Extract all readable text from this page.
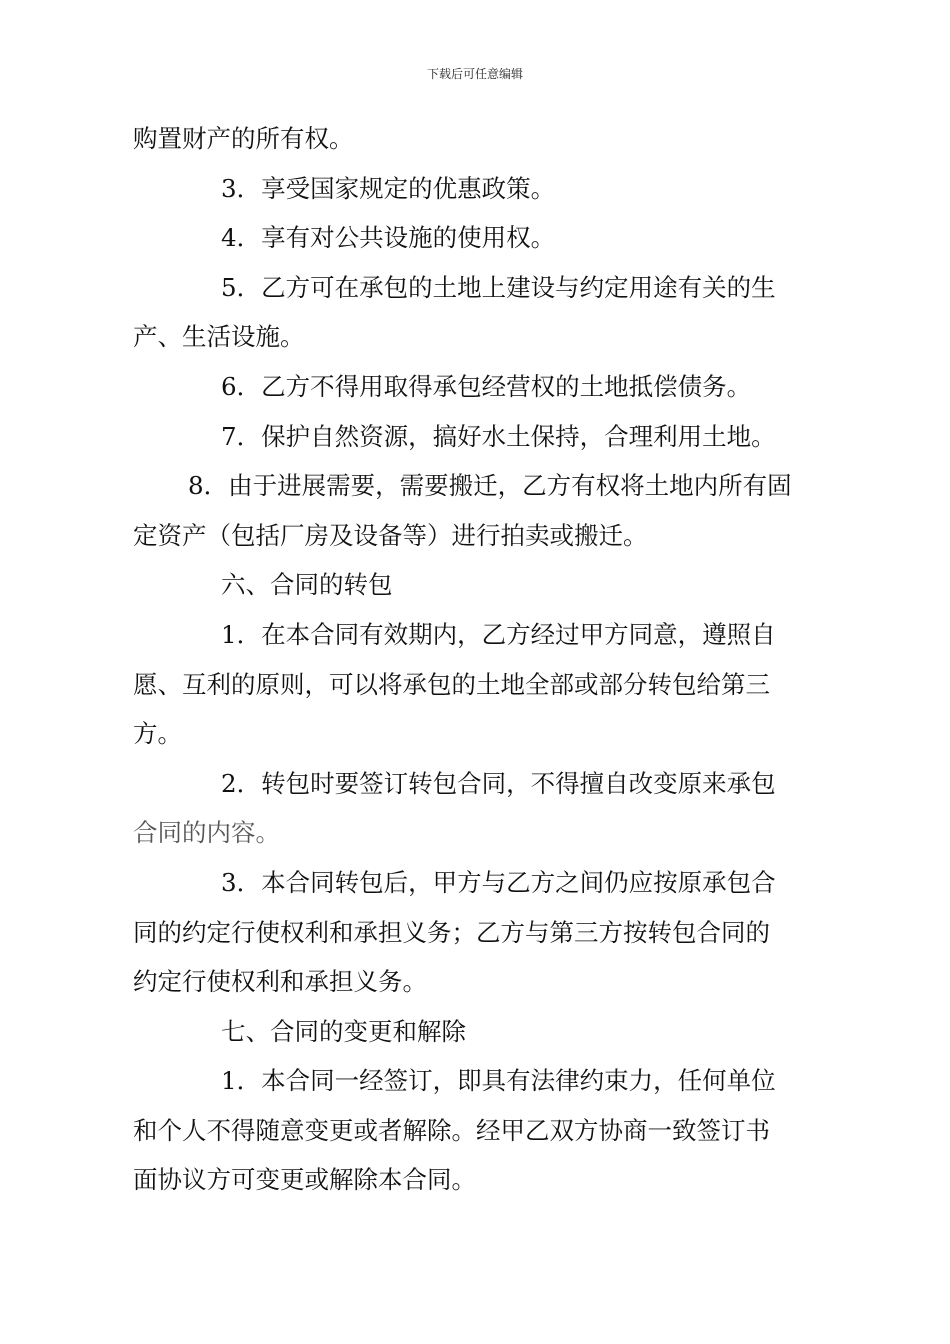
下载后可任意编辑
购置财产的所有权。
3．享受国家规定的优惠政策。
4．享有对公共设施的使用权。
5．乙方可在承包的土地上建设与约定用途有关的生
产、生活设施。
6．乙方不得用取得承包经营权的土地抵偿债务。
7．保护自然资源，搞好水土保持，合理利用土地。
8．由于进展需要，需要搬迁，乙方有权将土地内所有固
定资产（包括厂房及设备等）进行拍卖或搬迁。
六、合同的转包
1．在本合同有效期内，乙方经过甲方同意，遵照自
愿、互利的原则，可以将承包的土地全部或部分转包给第三
方。
2．转包时要签订转包合同，不得擅自改变原来承包
合同的内容。
3．本合同转包后，甲方与乙方之间仍应按原承包合
同的约定行使权利和承担义务；乙方与第三方按转包合同的
约定行使权利和承担义务。
七、合同的变更和解除
1．本合同一经签订，即具有法律约束力，任何单位
和个人不得随意变更或者解除。经甲乙双方协商一致签订书
面协议方可变更或解除本合同。
